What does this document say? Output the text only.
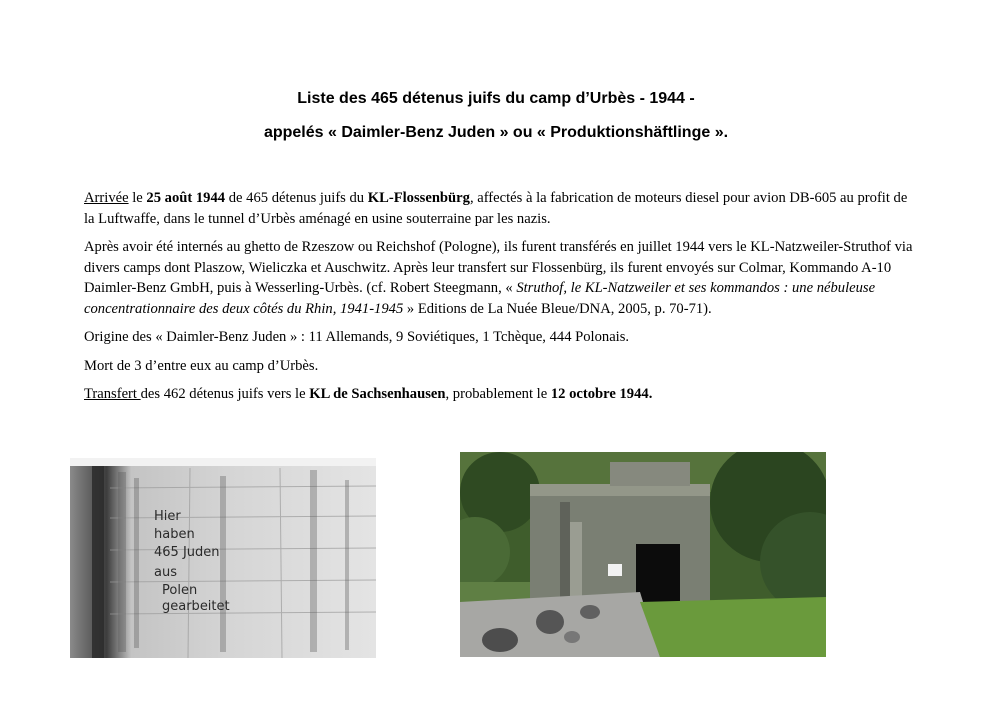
Liste des 465 détenus juifs du camp d’Urbès - 1944 -
appelés « Daimler-Benz Juden » ou « Produktionshäftlinge ».

Arrivée le 25 août 1944 de 465 détenus juifs du KL-Flossenbürg, affectés à la fabrication de moteurs diesel pour avion DB-605 au profit de la Luftwaffe, dans le tunnel d’Urbès aménagé en usine souterraine par les nazis.

Après avoir été internés au ghetto de Rzeszow ou Reichshof (Pologne), ils furent transférés en juillet 1944 vers le KL-Natzweiler-Struthof via divers camps dont Plaszow, Wieliczka et Auschwitz. Après leur transfert sur Flossenbürg, ils furent envoyés sur Colmar, Kommando A-10 Daimler-Benz GmbH, puis à Wesserling-Urbès. (cf. Robert Steegmann, « Struthof, le KL-Natzweiler et ses kommandos : une nébuleuse concentrationnaire des deux côtés du Rhin, 1941-1945 » Editions de La Nuée Bleue/DNA, 2005, p. 70-71).

Origine des « Daimler-Benz Juden » : 11 Allemands, 9 Soviétiques, 1 Tchèque, 444 Polonais.

Mort de 3 d’entre eux au camp d’Urbès.

Transfert des 462 détenus juifs vers le KL de Sachsenhausen, probablement le 12 octobre 1944.

Hier
haben
465 Juden
aus
Polen
gearbeitet
